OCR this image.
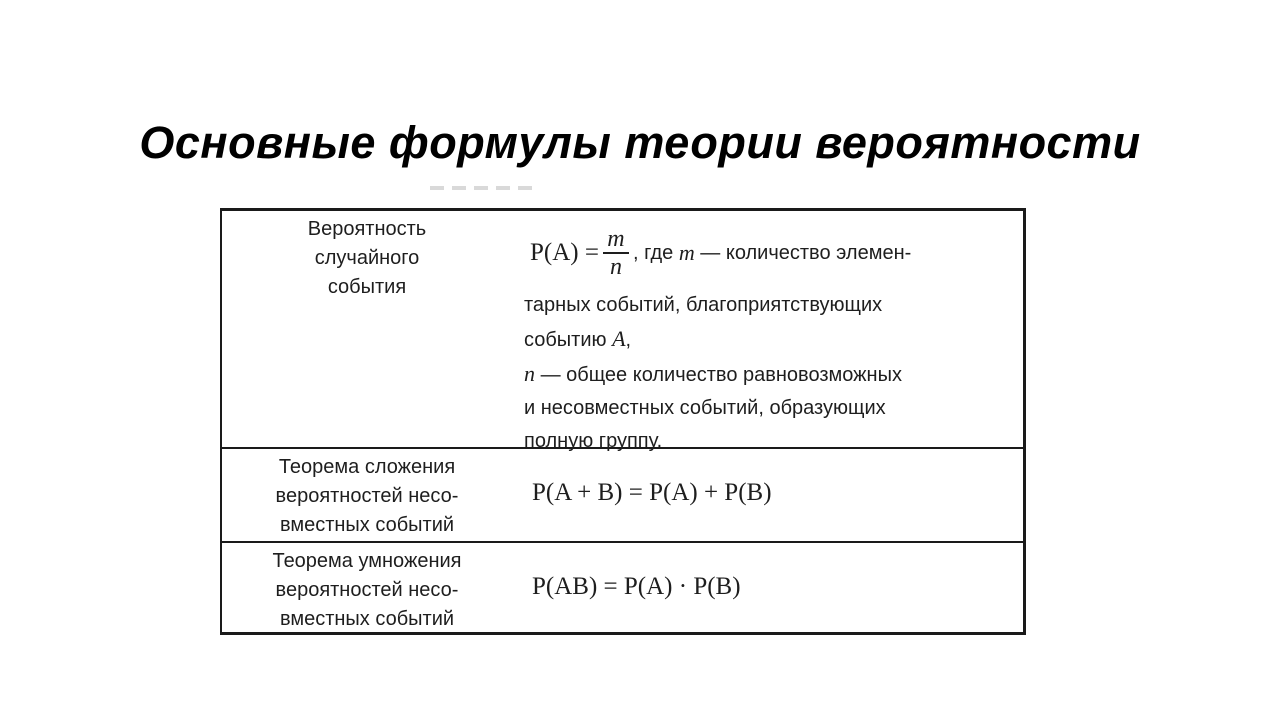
Основные формулы теории вероятности
Вероятность
случайного
события
$P(A) = \frac{m}{n}$ , где
m
— количество элемен-
тарных событий, благоприятствующих
событию A,
n — общее количество равновозможных
и несовместных событий, образующих
полную группу.
Теорема сложения
вероятностей несо-
вместных событий
P(A + B) = P(A) + P(B)
Теорема умножения
вероятностей несо-
вместных событий
P(AB) = P(A) · P(B)
